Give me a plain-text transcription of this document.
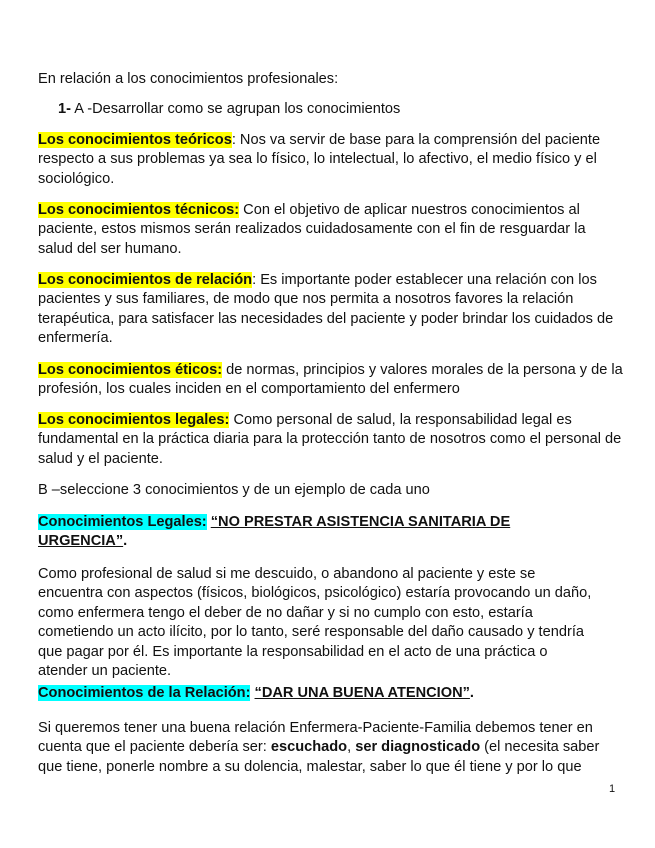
En relación a los conocimientos profesionales:

1- A -Desarrollar como se agrupan los conocimientos

Los conocimientos teóricos: Nos va servir de base para la comprensión del paciente respecto a sus problemas ya sea lo físico, lo intelectual, lo afectivo, el medio físico y el sociológico.

Los conocimientos técnicos: Con el objetivo de aplicar nuestros conocimientos al paciente, estos mismos serán realizados cuidadosamente con el fin de resguardar la salud del ser humano.

Los conocimientos de relación: Es importante poder establecer una relación con los pacientes y sus familiares, de modo que nos permita a nosotros favores la relación terapéutica, para satisfacer las necesidades del paciente y poder brindar los cuidados de enfermería.

Los conocimientos éticos: de normas, principios y valores morales de la persona y de la profesión, los cuales inciden en el comportamiento del enfermero

Los conocimientos legales: Como personal de salud, la responsabilidad legal es fundamental en la práctica diaria para la protección tanto de nosotros como el personal de salud y el paciente.

B –seleccione 3 conocimientos y de un ejemplo de cada uno

Conocimientos Legales: “NO PRESTAR ASISTENCIA SANITARIA DE URGENCIA”.

Como profesional de salud si me descuido, o abandono al paciente y este se encuentra con aspectos (físicos, biológicos, psicológico) estaría provocando un daño, como enfermera tengo el deber de no dañar y si no cumplo con esto, estaría cometiendo un acto ilícito, por lo tanto, seré responsable del daño causado y tendría que pagar por él. Es importante la responsabilidad en el acto de una práctica o atender un paciente.

Conocimientos de la Relación: “DAR UNA BUENA ATENCION”.

Si queremos tener una buena relación Enfermera-Paciente-Familia debemos tener en cuenta que el paciente debería ser: escuchado, ser diagnosticado (el necesita saber que tiene, ponerle nombre a su dolencia, malestar, saber lo que él tiene y por lo que

1
